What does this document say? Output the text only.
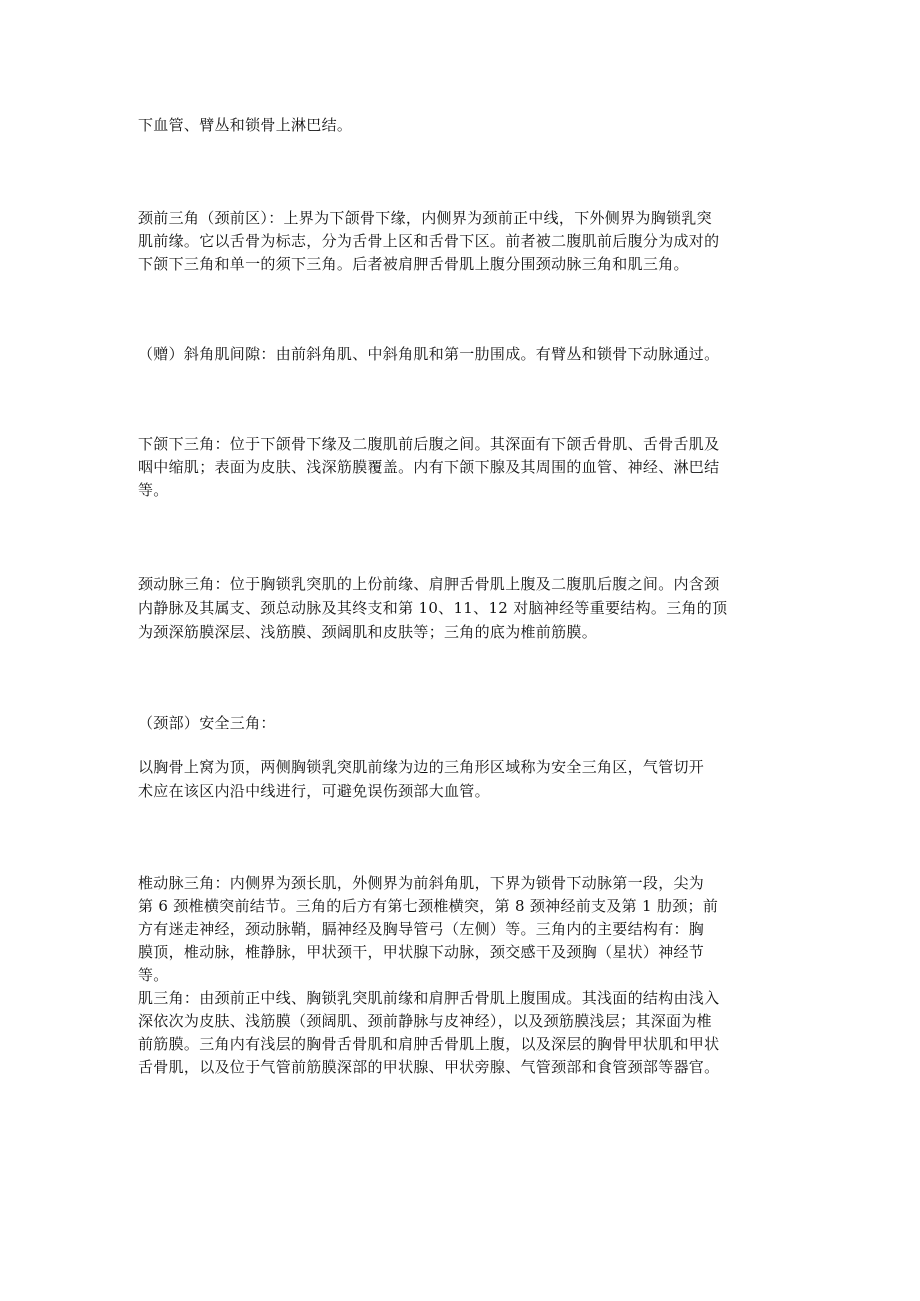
下血管、臂丛和锁骨上淋巴结。
颈前三角（颈前区）：上界为下颌骨下缘，内侧界为颈前正中线，下外侧界为胸锁乳突
肌前缘。它以舌骨为标志，分为舌骨上区和舌骨下区。前者被二腹肌前后腹分为成对的
下颌下三角和单一的须下三角。后者被肩胛舌骨肌上腹分围颈动脉三角和肌三角。
（赠）斜角肌间隙：由前斜角肌、中斜角肌和第一肋围成。有臂丛和锁骨下动脉通过。
下颌下三角：位于下颌骨下缘及二腹肌前后腹之间。其深面有下颌舌骨肌、舌骨舌肌及
咽中缩肌；表面为皮肤、浅深筋膜覆盖。内有下颌下腺及其周围的血管、神经、淋巴结
等。
颈动脉三角：位于胸锁乳突肌的上份前缘、肩胛舌骨肌上腹及二腹肌后腹之间。内含颈
内静脉及其属支、颈总动脉及其终支和第 10、11、12 对脑神经等重要结构。三角的顶
为颈深筋膜深层、浅筋膜、颈阔肌和皮肤等；三角的底为椎前筋膜。
（颈部）安全三角：
以胸骨上窝为顶，两侧胸锁乳突肌前缘为边的三角形区域称为安全三角区，气管切开
术应在该区内沿中线进行，可避免误伤颈部大血管。
椎动脉三角：内侧界为颈长肌，外侧界为前斜角肌，下界为锁骨下动脉第一段，尖为
第 6 颈椎横突前结节。三角的后方有第七颈椎横突，第 8 颈神经前支及第 1 肋颈；前
方有迷走神经，颈动脉鞘，膈神经及胸导管弓（左侧）等。三角内的主要结构有：胸
膜顶，椎动脉，椎静脉，甲状颈干，甲状腺下动脉，颈交感干及颈胸（星状）神经节
等。
肌三角：由颈前正中线、胸锁乳突肌前缘和肩胛舌骨肌上腹围成。其浅面的结构由浅入
深依次为皮肤、浅筋膜（颈阔肌、颈前静脉与皮神经），以及颈筋膜浅层；其深面为椎
前筋膜。三角内有浅层的胸骨舌骨肌和肩肿舌骨肌上腹，以及深层的胸骨甲状肌和甲状
舌骨肌，以及位于气管前筋膜深部的甲状腺、甲状旁腺、气管颈部和食管颈部等器官。
